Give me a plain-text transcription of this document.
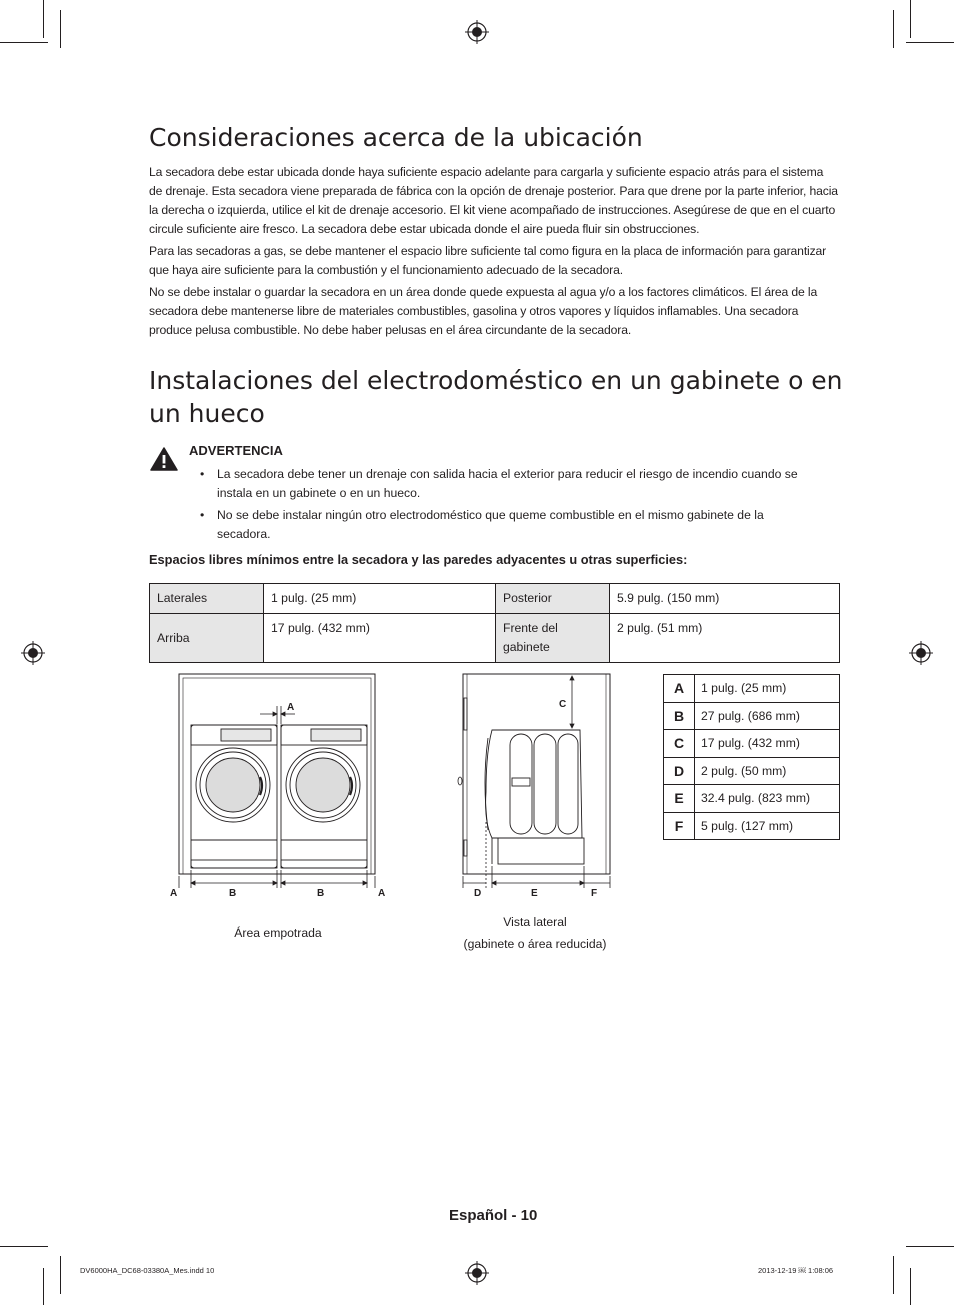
Consideraciones acerca de la ubicación

La secadora debe estar ubicada donde haya suficiente espacio adelante para cargarla y suficiente espacio atrás para el sistema de drenaje. Esta secadora viene preparada de fábrica con la opción de drenaje posterior. Para que drene por la parte inferior, hacia la derecha o izquierda, utilice el kit de drenaje accesorio. El kit viene acompañado de instrucciones. Asegúrese de que en el cuarto circule suficiente aire fresco. La secadora debe estar ubicada donde el aire pueda fluir sin obstrucciones.

Para las secadoras a gas, se debe mantener el espacio libre suficiente tal como figura en la placa de información para garantizar que haya aire suficiente para la combustión y el funcionamiento adecuado de la secadora.

No se debe instalar o guardar la secadora en un área donde quede expuesta al agua y/o a los factores climáticos. El área de la secadora debe mantenerse libre de materiales combustibles, gasolina y otros vapores y líquidos inflamables. Una secadora produce pelusa combustible. No debe haber pelusas en el área circundante de la secadora.

Instalaciones del electrodoméstico en un gabinete o en un hueco
ADVERTENCIA
• La secadora debe tener un drenaje con salida hacia el exterior para reducir el riesgo de incendio cuando se instala en un gabinete o en un hueco.
• No se debe instalar ningún otro electrodoméstico que queme combustible en el mismo gabinete de la secadora.
Espacios libres mínimos entre la secadora y las paredes adyacentes u otras superficies:
Laterales	1 pulg. (25 mm)	Posterior	5.9 pulg. (150 mm)
Arriba	17 pulg. (432 mm)	Frente del gabinete	2 pulg. (51 mm)
A
A	B	B	A
Área empotrada
C
D	E	F
Vista lateral
(gabinete o área reducida)
A	1 pulg. (25 mm)
B	27 pulg. (686 mm)
C	17 pulg. (432 mm)
D	2 pulg. (50 mm)
E	32.4 pulg. (823 mm)
F	5 pulg. (127 mm)
Español - 10
DV6000HA_DC68-03380A_Mes.indd 10	2013-12-19 ￼ 1:08:06
